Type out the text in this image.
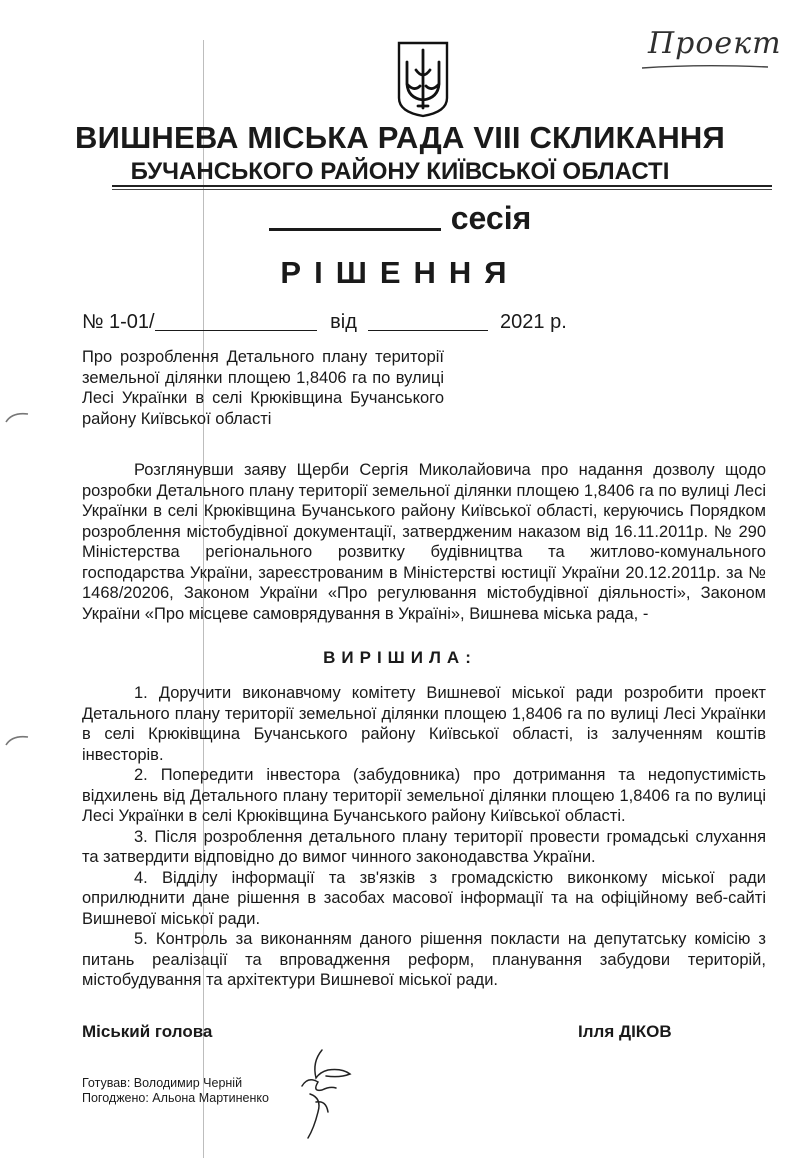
Проект
ВИШНЕВА МІСЬКА РАДА VIII СКЛИКАННЯ
БУЧАНСЬКОГО РАЙОНУ КИЇВСЬКОЇ ОБЛАСТІ
сесія
РІШЕННЯ
№ 1-01/	від	2021 р.
Про розроблення Детального плану території земельної ділянки площею 1,8406 га по вулиці Лесі Українки в селі Крюківщина Бучанського району Київської області

Розглянувши заяву Щерби Сергія Миколайовича про надання дозволу щодо розробки Детального плану території земельної ділянки площею 1,8406 га по вулиці Лесі Українки в селі Крюківщина Бучанського району Київської області, керуючись Порядком розроблення містобудівної документації, затвердженим наказом від 16.11.2011р. № 290 Міністерства регіонального розвитку будівництва та житлово-комунального господарства України, зареєстрованим в Міністерстві юстиції України 20.12.2011р. за № 1468/20206, Законом України «Про регулювання містобудівної діяльності», Законом України «Про місцеве самоврядування в Україні», Вишнева міська рада, -

ВИРІШИЛА:

1. Доручити виконавчому комітету Вишневої міської ради розробити проект Детального плану території земельної ділянки площею 1,8406 га по вулиці Лесі Українки в селі Крюківщина Бучанського району Київської області, із залученням коштів інвесторів.

2. Попередити інвестора (забудовника) про дотримання та недопустимість відхилень від Детального плану території земельної ділянки площею 1,8406 га по вулиці Лесі Українки в селі Крюківщина Бучанського району Київської області.

3. Після розроблення детального плану території провести громадські слухання та затвердити відповідно до вимог чинного законодавства України.

4. Відділу інформації та зв'язків з громадскістю виконкому міської ради оприлюднити дане рішення в засобах масової інформації та на офіційному веб-сайті Вишневої міської ради.

5. Контроль за виконанням даного рішення покласти на депутатську комісію з питань реалізації та впровадження реформ, планування забудови територій, містобудування та архітектури Вишневої міської ради.

Міський голова	Ілля ДІКОВ
Готував: Володимир Черній
Погоджено: Альона Мартиненко
